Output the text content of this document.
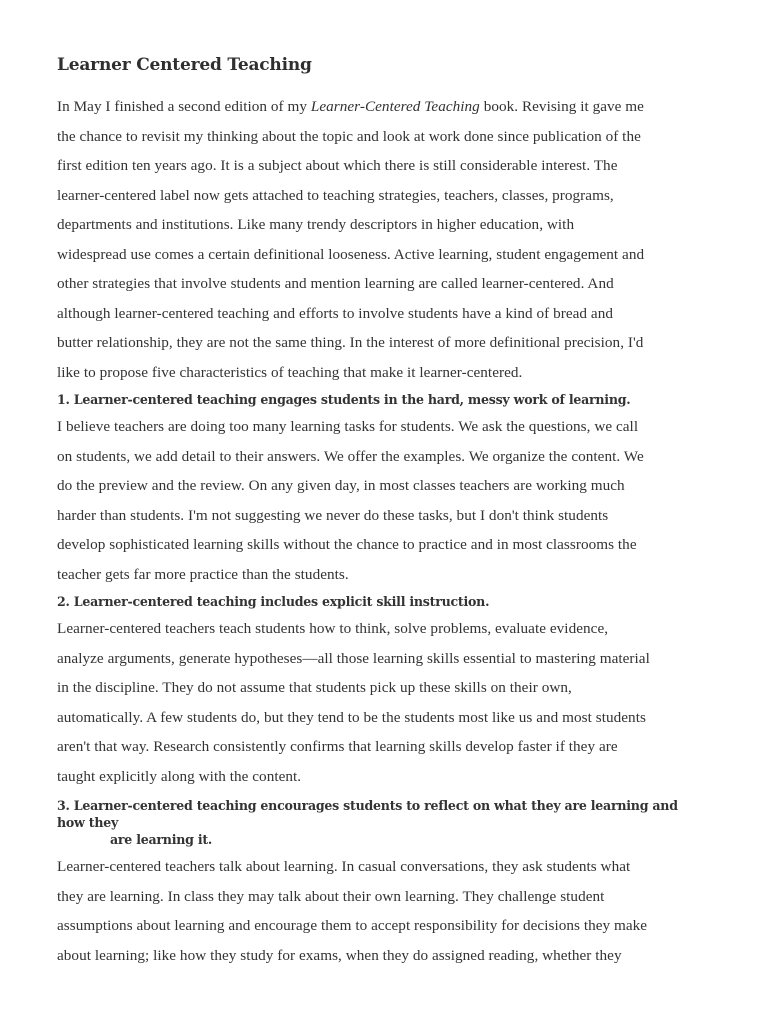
Learner Centered Teaching
In May I finished a second edition of my Learner-Centered Teaching book. Revising it gave me
the chance to revisit my thinking about the topic and look at work done since publication of the
first edition ten years ago. It is a subject about which there is still considerable interest. The
learner-centered label now gets attached to teaching strategies, teachers, classes, programs,
departments and institutions. Like many trendy descriptors in higher education, with
widespread use comes a certain definitional looseness. Active learning, student engagement and
other strategies that involve students and mention learning are called learner-centered. And
although learner-centered teaching and efforts to involve students have a kind of bread and
butter relationship, they are not the same thing. In the interest of more definitional precision, I'd
like to propose five characteristics of teaching that make it learner-centered.
1. Learner-centered teaching engages students in the hard, messy work of learning.
I believe teachers are doing too many learning tasks for students. We ask the questions, we call
on students, we add detail to their answers. We offer the examples. We organize the content. We
do the preview and the review. On any given day, in most classes teachers are working much
harder than students. I'm not suggesting we never do these tasks, but I don't think students
develop sophisticated learning skills without the chance to practice and in most classrooms the
teacher gets far more practice than the students.
2. Learner-centered teaching includes explicit skill instruction.
Learner-centered teachers teach students how to think, solve problems, evaluate evidence,
analyze arguments, generate hypotheses—all those learning skills essential to mastering material
in the discipline. They do not assume that students pick up these skills on their own,
automatically. A few students do, but they tend to be the students most like us and most students
aren't that way. Research consistently confirms that learning skills develop faster if they are
taught explicitly along with the content.
3. Learner-centered teaching encourages students to reflect on what they are learning and how they
are learning it.
Learner-centered teachers talk about learning. In casual conversations, they ask students what
they are learning. In class they may talk about their own learning. They challenge student
assumptions about learning and encourage them to accept responsibility for decisions they make
about learning; like how they study for exams, when they do assigned reading, whether they
